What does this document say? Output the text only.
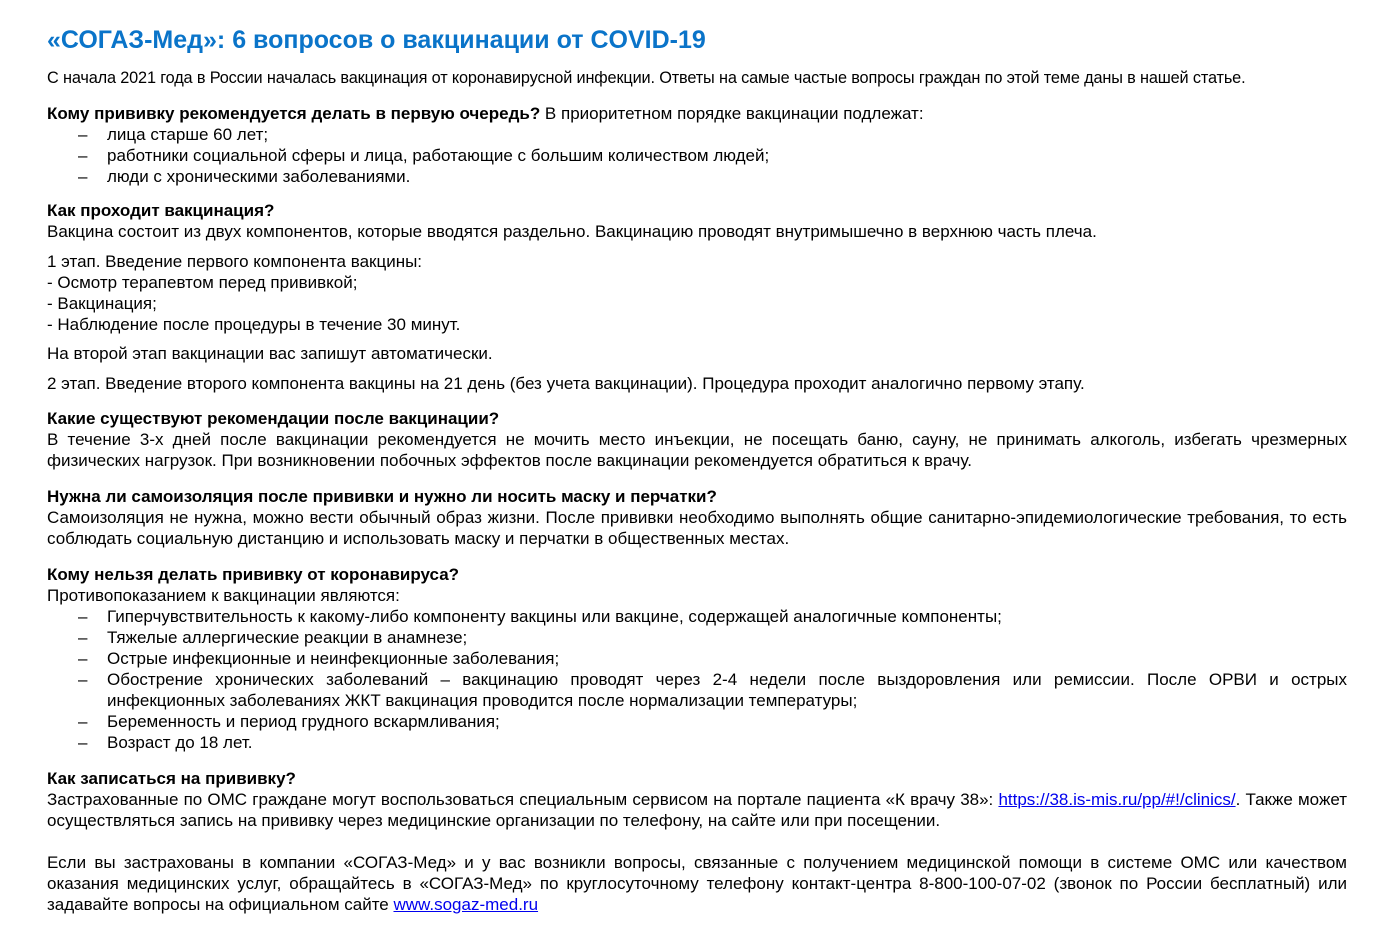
«СОГАЗ-Мед»: 6 вопросов о вакцинации от COVID-19

С начала 2021 года в России началась вакцинация от коронавирусной инфекции. Ответы на самые частые вопросы граждан по этой теме даны в нашей статье.

Кому прививку рекомендуется делать в первую очередь? В приоритетном порядке вакцинации подлежат:

– лица старше 60 лет;
– работники социальной сферы и лица, работающие с большим количеством людей;
– люди с хроническими заболеваниями.

Как проходит вакцинация?

Вакцина состоит из двух компонентов, которые вводятся раздельно. Вакцинацию проводят внутримышечно в верхнюю часть плеча.

1 этап. Введение первого компонента вакцины:

- Осмотр терапевтом перед прививкой;

- Вакцинация;

- Наблюдение после процедуры в течение 30 минут.

На второй этап вакцинации вас запишут автоматически.

2 этап. Введение второго компонента вакцины на 21 день (без учета вакцинации). Процедура проходит аналогично первому этапу.

Какие существуют рекомендации после вакцинации?

В течение 3-х дней после вакцинации рекомендуется не мочить место инъекции, не посещать баню, сауну, не принимать алкоголь, избегать чрезмерных физических нагрузок. При возникновении побочных эффектов после вакцинации рекомендуется обратиться к врачу.

Нужна ли самоизоляция после прививки и нужно ли носить маску и перчатки?

Самоизоляция не нужна, можно вести обычный образ жизни. После прививки необходимо выполнять общие санитарно-эпидемиологические требования, то есть соблюдать социальную дистанцию и использовать маску и перчатки в общественных местах.

Кому нельзя делать прививку от коронавируса?

Противопоказанием к вакцинации являются:

– Гиперчувствительность к какому-либо компоненту вакцины или вакцине, содержащей аналогичные компоненты;
– Тяжелые аллергические реакции в анамнезе;
– Острые инфекционные и неинфекционные заболевания;
– Обострение хронических заболеваний – вакцинацию проводят через 2-4 недели после выздоровления или ремиссии. После ОРВИ и острых инфекционных заболеваниях ЖКТ вакцинация проводится после нормализации температуры;
– Беременность и период грудного вскармливания;
– Возраст до 18 лет.

Как записаться на прививку?

Застрахованные по ОМС граждане могут воспользоваться специальным сервисом на портале пациента «К врачу 38»: https://38.is-mis.ru/pp/#!/clinics/. Также может осуществляться запись на прививку через медицинские организации по телефону, на сайте или при посещении.

Если вы застрахованы в компании «СОГАЗ-Мед» и у вас возникли вопросы, связанные с получением медицинской помощи в системе ОМС или качеством оказания медицинских услуг, обращайтесь в «СОГАЗ-Мед» по круглосуточному телефону контакт-центра 8-800-100-07-02 (звонок по России бесплатный) или задавайте вопросы на официальном сайте www.sogaz-med.ru
